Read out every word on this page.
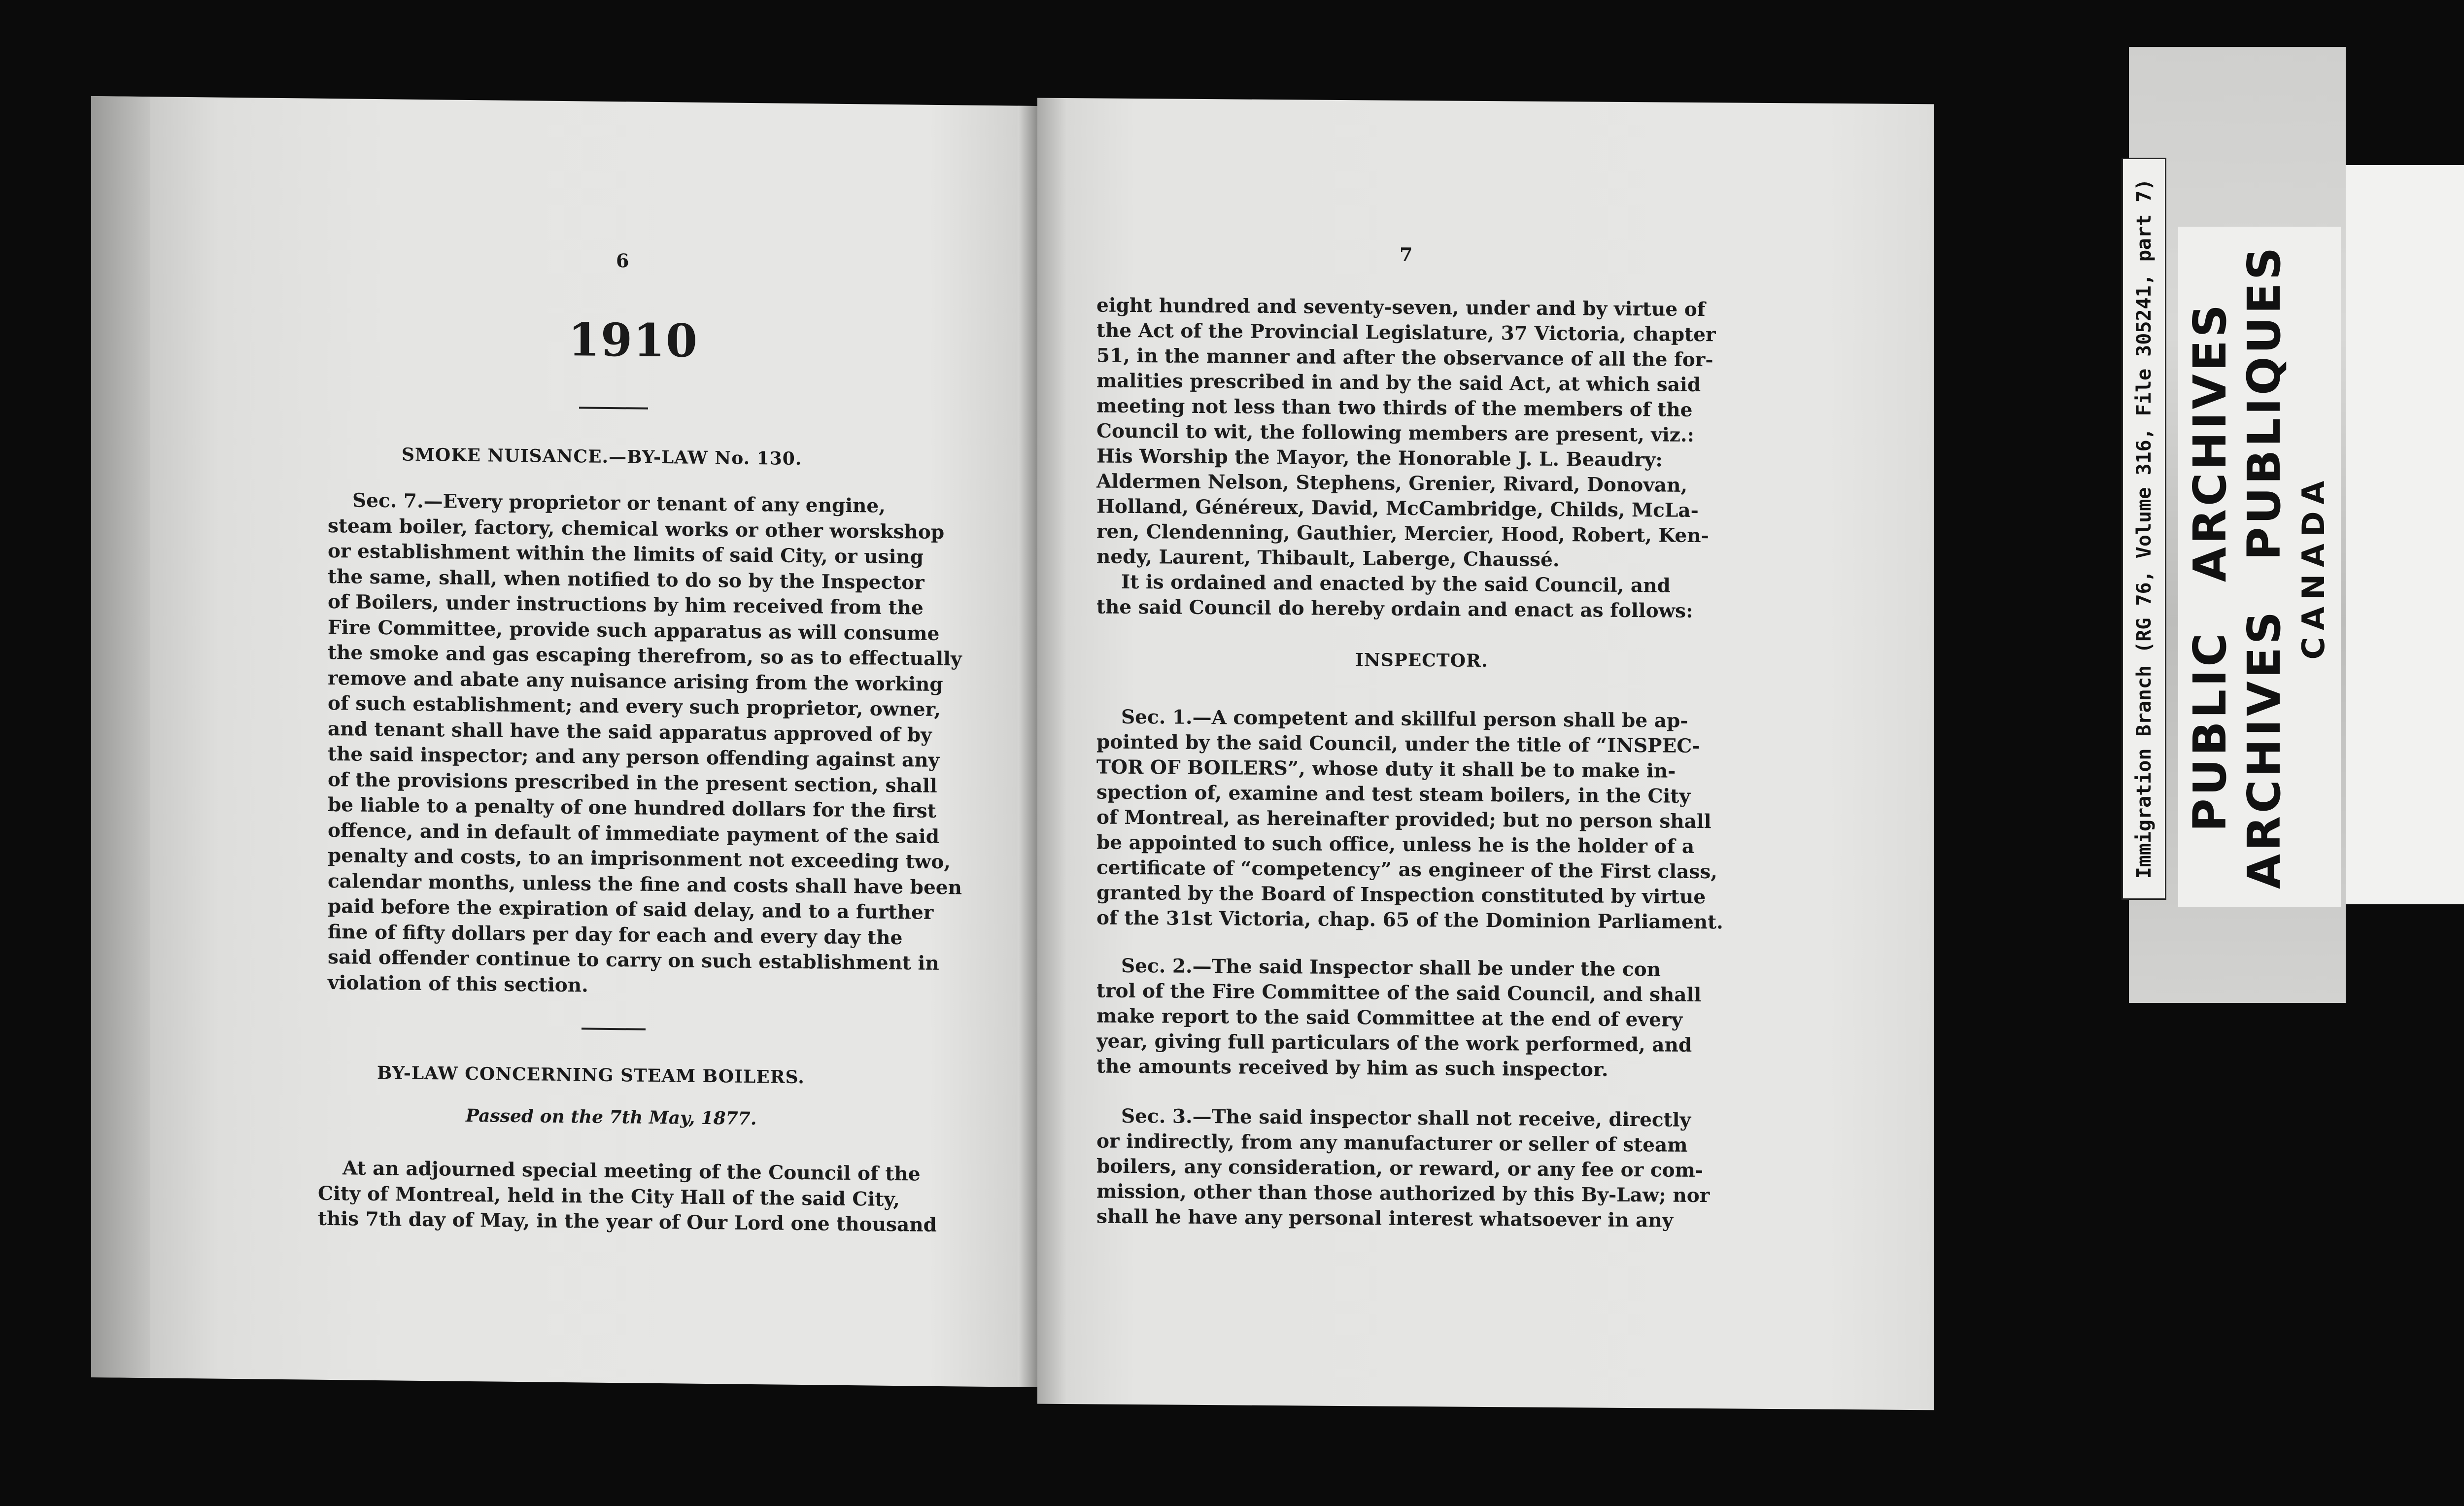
6
1910
SMOKE NUISANCE.—BY-LAW No. 130.
Sec. 7.—Every proprietor or tenant of any engine,
steam boiler, factory, chemical works or other worskshop
or establishment within the limits of said City, or using
the same, shall, when notified to do so by the Inspector
of Boilers, under instructions by him received from the
Fire Committee, provide such apparatus as will consume
the smoke and gas escaping therefrom, so as to effectually
remove and abate any nuisance arising from the working
of such establishment; and every such proprietor, owner,
and tenant shall have the said apparatus approved of by
the said inspector; and any person offending against any
of the provisions prescribed in the present section, shall
be liable to a penalty of one hundred dollars for the first
offence, and in default of immediate payment of the said
penalty and costs, to an imprisonment not exceeding two,
calendar months, unless the fine and costs shall have been
paid before the expiration of said delay, and to a further
fine of fifty dollars per day for each and every day the
said offender continue to carry on such establishment in
violation of this section.
BY-LAW CONCERNING STEAM BOILERS.
Passed on the 7th May, 1877.
At an adjourned special meeting of the Council of the
City of Montreal, held in the City Hall of the said City,
this 7th day of May, in the year of Our Lord one thousand
7
eight hundred and seventy-seven, under and by virtue of
the Act of the Provincial Legislature, 37 Victoria, chapter
51, in the manner and after the observance of all the for-
malities prescribed in and by the said Act, at which said
meeting not less than two thirds of the members of the
Council to wit, the following members are present, viz.:
His Worship the Mayor, the Honorable J. L. Beaudry:
Aldermen Nelson, Stephens, Grenier, Rivard, Donovan,
Holland, Généreux, David, McCambridge, Childs, McLa-
ren, Clendenning, Gauthier, Mercier, Hood, Robert, Ken-
nedy, Laurent, Thibault, Laberge, Chaussé.
It is ordained and enacted by the said Council, and
the said Council do hereby ordain and enact as follows:
INSPECTOR.
Sec. 1.—A competent and skillful person shall be ap-
pointed by the said Council, under the title of “INSPEC-
TOR OF BOILERS”, whose duty it shall be to make in-
spection of, examine and test steam boilers, in the City
of Montreal, as hereinafter provided; but no person shall
be appointed to such office, unless he is the holder of a
certificate of “competency” as engineer of the First class,
granted by the Board of Inspection constituted by virtue
of the 31st Victoria, chap. 65 of the Dominion Parliament.
Sec. 2.—The said Inspector shall be under the con
trol of the Fire Committee of the said Council, and shall
make report to the said Committee at the end of every
year, giving full particulars of the work performed, and
the amounts received by him as such inspector.
Sec. 3.—The said inspector shall not receive, directly
or indirectly, from any manufacturer or seller of steam
boilers, any consideration, or reward, or any fee or com-
mission, other than those authorized by this By-Law; nor
shall he have any personal interest whatsoever in any
PUBLIC ARCHIVES ARCHIVES PUBLIQUES CANADA
Immigration Branch (RG 76, Volume 316, File 305241, part 7)
